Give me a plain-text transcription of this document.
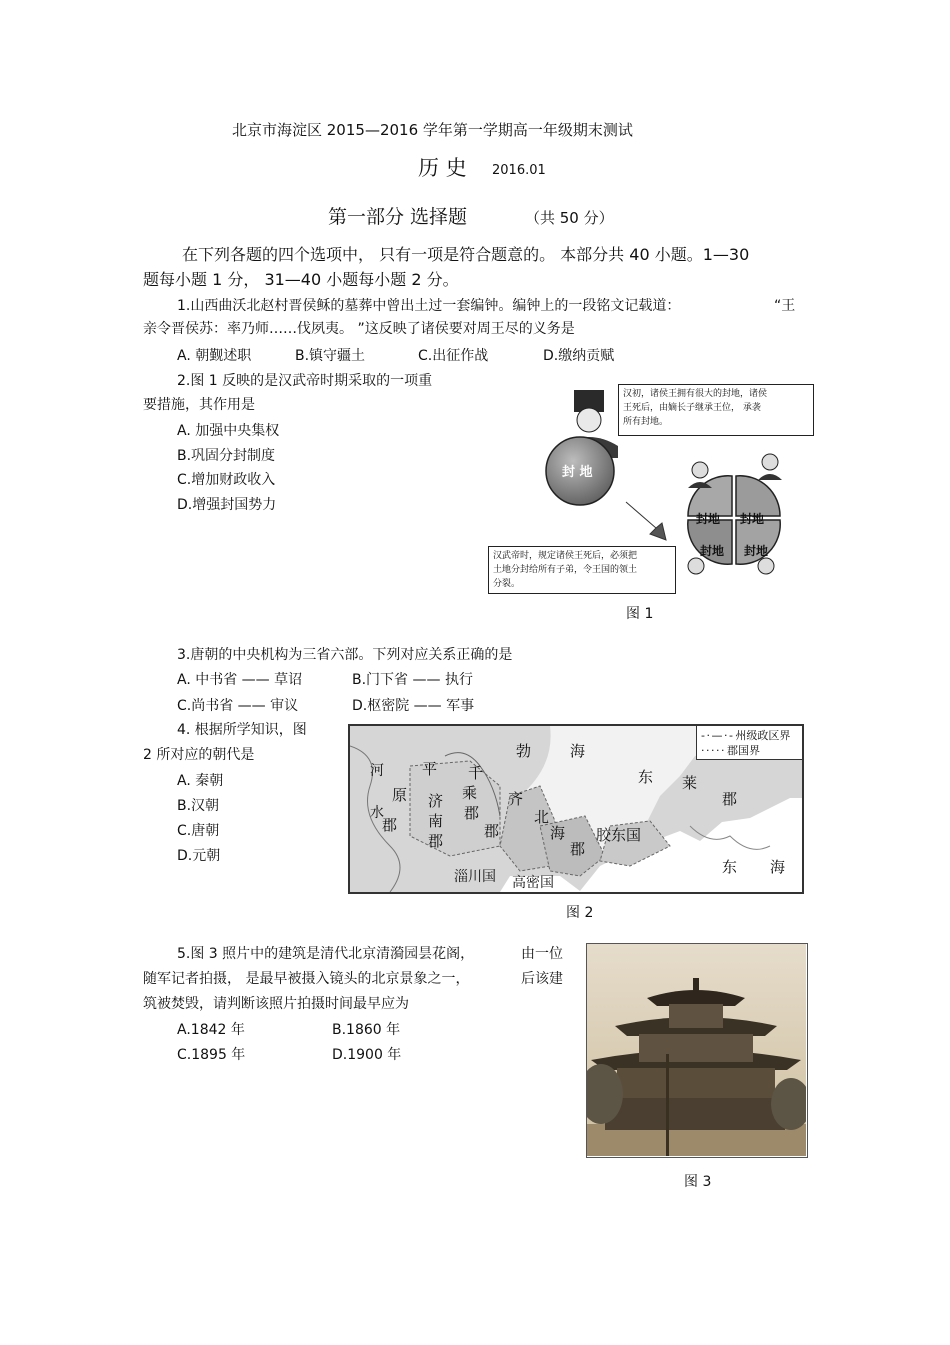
北京市海淀区 2015—2016 学年第一学期高一年级期末测试
历 史 2016.01
第一部分 选择题	（共 50 分）
在下列各题的四个选项中， 只有一项是符合题意的。 本部分共 40 小题。1—30
题每小题 1 分， 31—40 小题每小题 2 分。
1.山西曲沃北赵村晋侯稣的墓葬中曾出土过一套编钟。编钟上的一段铭文记载道：	“王
亲令晋侯苏：率乃师……伐夙夷。 ”这反映了诸侯要对周王尽的义务是
A. 朝觐述职	B.镇守疆土	C.出征作战	D.缴纳贡赋
2.图 1 反映的是汉武帝时期采取的一项重
要措施，其作用是
A. 加强中央集权
B.巩固分封制度
C.增加财政收入
D.增强封国势力
汉初，诸侯王拥有很大的封地，诸侯
王死后，由嫡长子继承王位， 承袭
所有封地。
汉武帝时，规定诸侯王死后，必须把
土地分封给所有子弟，令王国的领土
分裂。
封 地
封地 封地
封地 封地
图 1
3.唐朝的中央机构为三省六部。下列对应关系正确的是
A. 中书省 —— 草诏	B.门下省 —— 执行
C.尚书省 —— 审议	D.枢密院 —— 军事
4. 根据所学知识，图
2 所对应的朝代是
A. 秦朝
B.汉朝
C.唐朝
D.元朝
- · — · - 州级政区界
· · · · · 郡国界
河
水
郡
原
平
济
南
郡
千
乘
郡
勃	海
齐
郡
北
海
郡
东 莱
郡
胶东国
淄川国 高密国
东 海
图 2
5.图 3 照片中的建筑是清代北京清漪园昙花阁，	由一位
随军记者拍摄， 是最早被摄入镜头的北京景象之一，	后该建
筑被焚毁，请判断该照片拍摄时间最早应为
A.1842 年	B.1860 年
C.1895 年	D.1900 年
图 3
